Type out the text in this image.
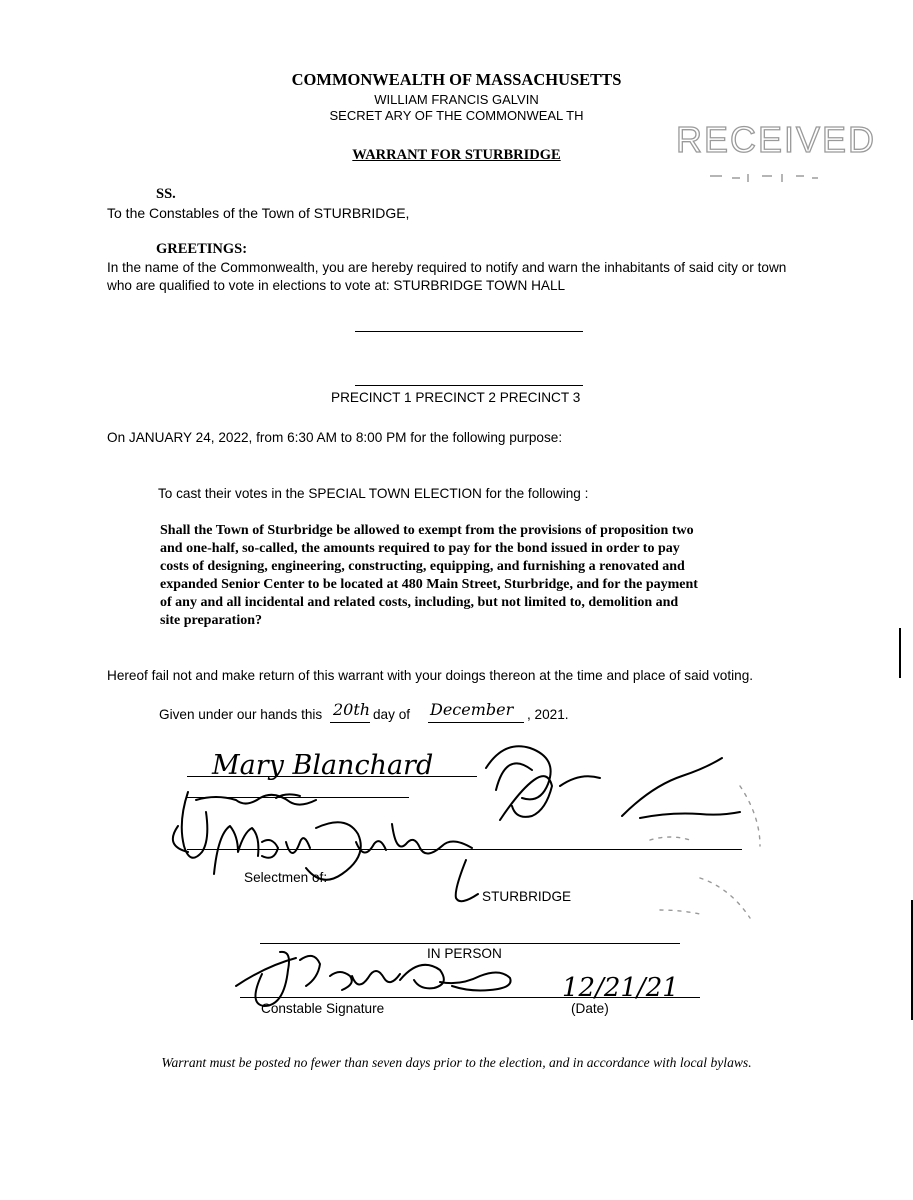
COMMONWEALTH OF MASSACHUSETTS
WILLIAM FRANCIS GALVIN
SECRET ARY OF THE COMMONWEAL TH
RECEIVED
WARRANT FOR STURBRIDGE
SS.
To the Constables of the Town of STURBRIDGE,
GREETINGS:
In the name of the Commonwealth, you are hereby required to notify and warn the inhabitants of said city or town
who are qualified to vote in elections to vote at: STURBRIDGE TOWN HALL
PRECINCT 1 PRECINCT 2 PRECINCT 3
On JANUARY 24, 2022, from 6:30 AM to 8:00 PM for the following purpose:
To cast their votes in the SPECIAL TOWN ELECTION for the following :
Shall the Town of Sturbridge be allowed to exempt from the provisions of proposition two
and one-half, so-called, the amounts required to pay for the bond issued in order to pay
costs of designing, engineering, constructing, equipping, and furnishing a renovated and
expanded Senior Center to be located at 480 Main Street, Sturbridge, and for the payment
of any and all incidental and related costs, including, but not limited to, demolition and
site preparation?
Hereof fail not and make return of this warrant with your doings thereon at the time and place of said voting.
Given under our hands this 20th day of December , 2021.
Selectmen of:
STURBRIDGE
IN PERSON
Constable Signature	(Date)
Mary Blanchard
12/21/21
Warrant must be posted no fewer than seven days prior to the election, and in accordance with local bylaws.
